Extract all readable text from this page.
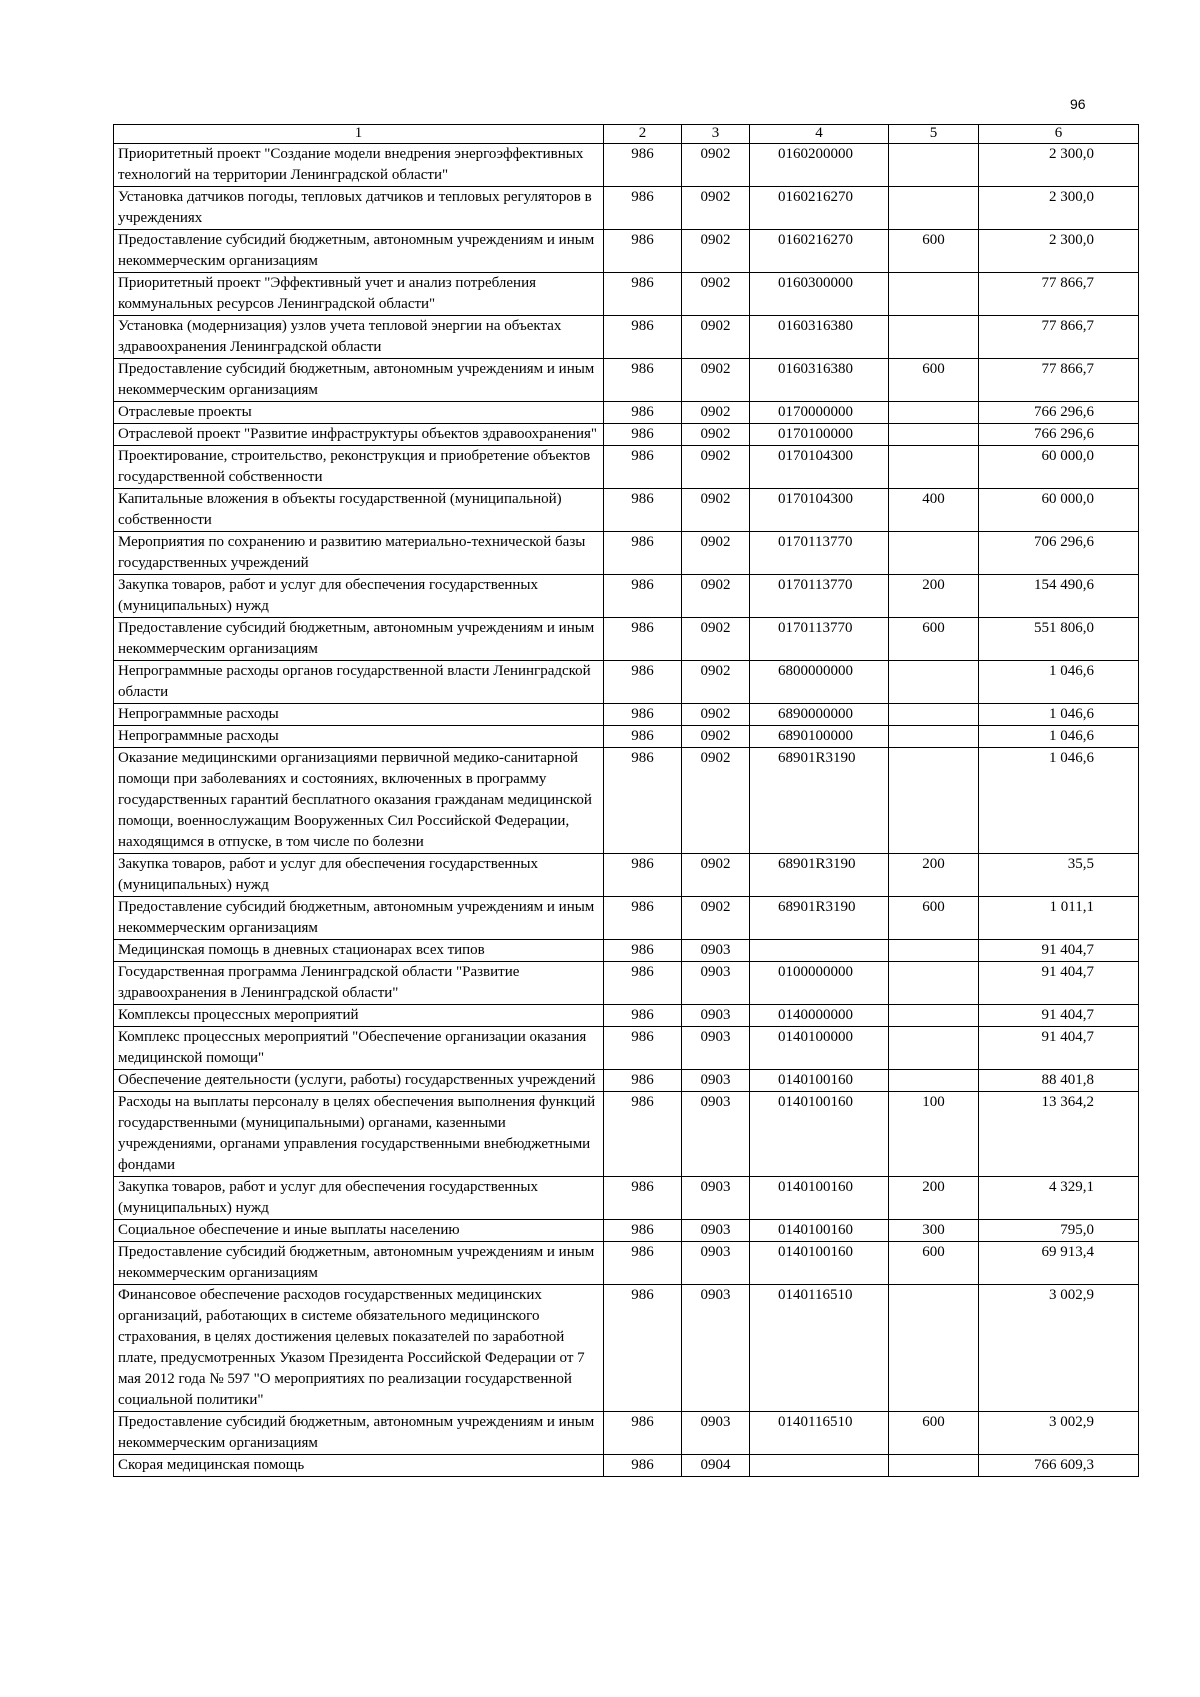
96
1	2	3	4	5	6
Приоритетный проект "Создание модели внедрения энергоэффективных технологий на территории Ленинградской области"	986	0902	0160200000		2 300,0
Установка датчиков погоды, тепловых датчиков и тепловых регуляторов в учреждениях	986	0902	0160216270		2 300,0
Предоставление субсидий бюджетным, автономным учреждениям и иным некоммерческим организациям	986	0902	0160216270	600	2 300,0
Приоритетный проект "Эффективный учет и анализ потребления коммунальных ресурсов Ленинградской области"	986	0902	0160300000		77 866,7
Установка (модернизация) узлов учета тепловой энергии на объектах здравоохранения Ленинградской области	986	0902	0160316380		77 866,7
Предоставление субсидий бюджетным, автономным учреждениям и иным некоммерческим организациям	986	0902	0160316380	600	77 866,7
Отраслевые проекты	986	0902	0170000000		766 296,6
Отраслевой проект "Развитие инфраструктуры объектов здравоохранения"	986	0902	0170100000		766 296,6
Проектирование, строительство, реконструкция и приобретение объектов государственной собственности	986	0902	0170104300		60 000,0
Капитальные вложения в объекты государственной (муниципальной) собственности	986	0902	0170104300	400	60 000,0
Мероприятия по сохранению и развитию материально-технической базы государственных учреждений	986	0902	0170113770		706 296,6
Закупка товаров, работ и услуг для обеспечения государственных (муниципальных) нужд	986	0902	0170113770	200	154 490,6
Предоставление субсидий бюджетным, автономным учреждениям и иным некоммерческим организациям	986	0902	0170113770	600	551 806,0
Непрограммные расходы органов государственной власти Ленинградской области	986	0902	6800000000		1 046,6
Непрограммные расходы	986	0902	6890000000		1 046,6
Непрограммные расходы	986	0902	6890100000		1 046,6
Оказание медицинскими организациями первичной медико-санитарной помощи при заболеваниях и состояниях, включенных в программу государственных гарантий бесплатного оказания гражданам медицинской помощи, военнослужащим Вооруженных Сил Российской Федерации, находящимся в отпуске, в том числе по болезни	986	0902	68901R3190		1 046,6
Закупка товаров, работ и услуг для обеспечения государственных (муниципальных) нужд	986	0902	68901R3190	200	35,5
Предоставление субсидий бюджетным, автономным учреждениям и иным некоммерческим организациям	986	0902	68901R3190	600	1 011,1
Медицинская помощь в дневных стационарах всех типов	986	0903			91 404,7
Государственная программа Ленинградской области "Развитие здравоохранения в Ленинградской области"	986	0903	0100000000		91 404,7
Комплексы процессных мероприятий	986	0903	0140000000		91 404,7
Комплекс процессных мероприятий "Обеспечение организации оказания медицинской помощи"	986	0903	0140100000		91 404,7
Обеспечение деятельности (услуги, работы) государственных учреждений	986	0903	0140100160		88 401,8
Расходы на выплаты персоналу в целях обеспечения выполнения функций государственными (муниципальными) органами, казенными учреждениями, органами управления государственными внебюджетными фондами	986	0903	0140100160	100	13 364,2
Закупка товаров, работ и услуг для обеспечения государственных (муниципальных) нужд	986	0903	0140100160	200	4 329,1
Социальное обеспечение и иные выплаты населению	986	0903	0140100160	300	795,0
Предоставление субсидий бюджетным, автономным учреждениям и иным некоммерческим организациям	986	0903	0140100160	600	69 913,4
Финансовое обеспечение расходов государственных медицинских организаций, работающих в системе обязательного медицинского страхования, в целях достижения целевых показателей по заработной плате, предусмотренных Указом Президента Российской Федерации от 7 мая 2012 года № 597 "О мероприятиях по реализации государственной социальной политики"	986	0903	0140116510		3 002,9
Предоставление субсидий бюджетным, автономным учреждениям и иным некоммерческим организациям	986	0903	0140116510	600	3 002,9
Скорая медицинская помощь	986	0904			766 609,3
